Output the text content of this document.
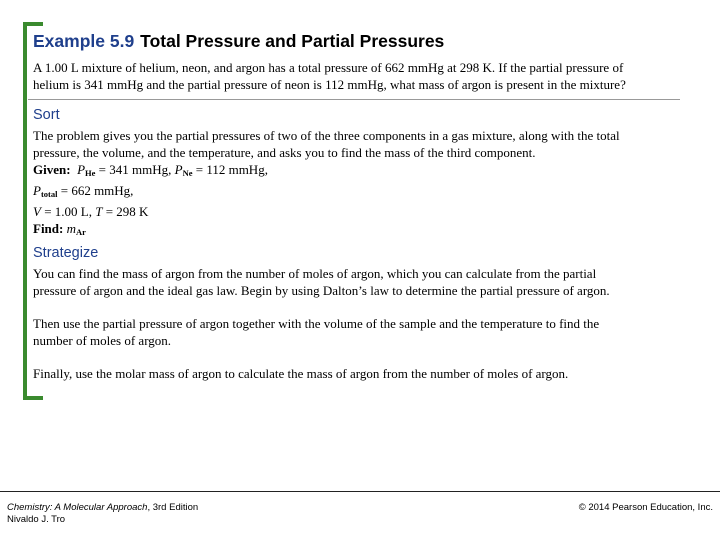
Example 5.9 Total Pressure and Partial Pressures
A 1.00 L mixture of helium, neon, and argon has a total pressure of 662 mmHg at 298 K. If the partial pressure of
helium is 341 mmHg and the partial pressure of neon is 112 mmHg, what mass of argon is present in the mixture?
Sort
The problem gives you the partial pressures of two of the three components in a gas mixture, along with the total
pressure, the volume, and the temperature, and asks you to find the mass of the third component.
Given: $P_{He} = 341$ mmHg, $P_{Ne} = 112$ mmHg,
$P_{total} = 662$ mmHg,
V = 1.00 L, T = 298 K
Find: $m_{Ar}$
Strategize
You can find the mass of argon from the number of moles of argon, which you can calculate from the partial
pressure of argon and the ideal gas law. Begin by using Dalton’s law to determine the partial pressure of argon.
Then use the partial pressure of argon together with the volume of the sample and the temperature to find the
number of moles of argon.
Finally, use the molar mass of argon to calculate the mass of argon from the number of moles of argon.
Chemistry: A Molecular Approach, 3rd Edition
Nivaldo J. Tro
© 2014 Pearson Education, Inc.
